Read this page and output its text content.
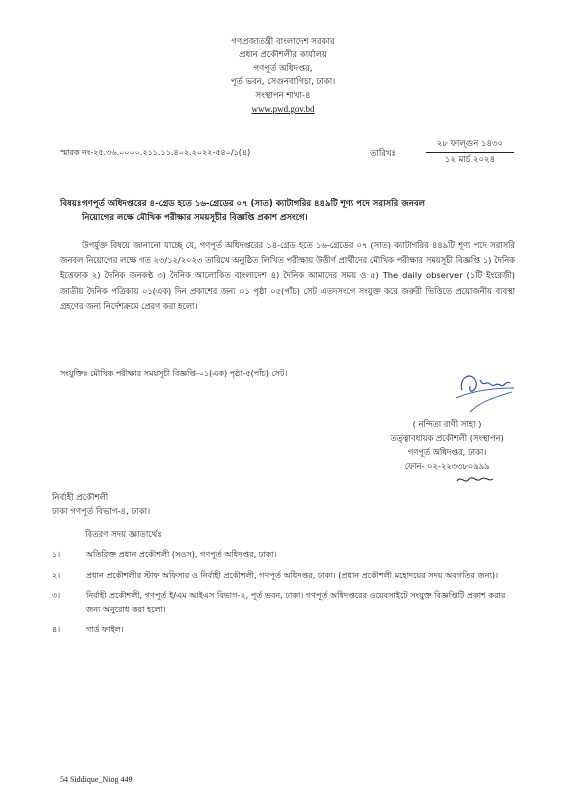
গণপ্রজাতন্ত্রী বাংলাদেশ সরকার
প্রধান প্রকৌশলীর কার্যালয়
গণপূর্ত অধিদপ্তর,
পূর্ত ভবন, সেগুনবাগিচা, ঢাকা।
সংস্থাপন শাখা-৪
www.pwd.gov.bd
স্মারক নং-২৫.৩৬.০০০০.২১১.১১.৪০২.২০২২-৫৪০/১(৪)	তারিখঃ
২৮ ফাল্গুন ১৪৩০
১২ মার্চ ২০২৪
বিষয়ঃগণপূর্ত অধিদপ্তরের ৪-গ্রেড হতে ১৬-গ্রেডের ০৭ (সাত) ক্যাটাগরির ৪৪৯টি শূণ্য পদে সরাসরি জনবল
নিয়োগের লক্ষে মৌখিক পরীক্ষার সময়সূচীর বিজ্ঞপ্তি প্রকাশ প্রসংগে।
উপর্যুক্ত বিষয়ে জানানো যাচ্ছে যে, গণপূর্ত অধিদপ্তরের ১৪-গ্রেড হতে ১৬-গ্রেডের ০৭ (সাত) ক্যাটাগরির ৪৪৯টি শূণ্য পদে সরাসরি জনবল নিয়োগের লক্ষে গত ২৩/১২/২০২৩ তারিখে অনুষ্ঠিত লিখিত পরীক্ষায় উত্তীর্ণ প্রার্থীদের মৌখিক পরীক্ষার সময়সূচী বিজ্ঞপ্তি ১) দৈনিক ইত্তেফাক ২) দৈনিক জনকণ্ঠ ৩) দৈনিক আলোকিত বাংলাদেশ ৪) দৈনিক আমাদের সময় ও ৫) The daily observer (১টি ইংরেজী) জাতীয় দৈনিক পত্রিকায় ০১(এক) দিন প্রকাশের জন্য ০১ পৃষ্ঠা ০৫(পাঁচ) সেট এতদসংগে সংযুক্ত করে জরুরী ভিত্তিতে প্রয়োজনীয় ব্যবস্থা গ্রহণের জন্য নির্দেশক্রমে প্রেরণ করা হলো।
সংযুক্তিঃ মৌখিক পরীক্ষার সময়সূচী বিজ্ঞপ্তি-০১(এক) পৃষ্ঠা-৫(পাঁচ) সেট।
( নন্দিতা রাণী সাহা )
তত্ত্বাবধায়ক প্রকৌশলী (সংস্থাপন)
গণপূর্ত অধিদপ্তর, ঢাকা।
ফোন- ০২-২২৩৩৮০৯৯৯
নির্বাহী প্রকৌশলী
ঢাকা গণপূর্ত বিভাগ-৪, ঢাকা।
বিতরণ সদয় জ্ঞাতার্থেঃ
১।	অতিরিক্ত প্রধান প্রকৌশলী (সওস), গণপূর্ত অধিদপ্তর, ঢাকা।
২।	প্রধান প্রকৌশলীর স্টাফ অফিসার ও নির্বাহী প্রকৌশলী, গণপূর্ত অধিদপ্তর, ঢাকা। (প্রধান প্রকৌশলী মহোদয়ের সদয় অবগতির জন্য)।
৩।	নির্বাহী প্রকৌশলী, গণপূর্ত ই/এম আইএস বিভাগ-২, পূর্ত ভবন, ঢাকা। গণপূর্ত অধিদপ্তরের ওয়েবসাইটে সংযুক্ত বিজ্ঞপ্তিটি প্রকাশ করার জন্য অনুরোধ করা হলো।
৪।	গার্ড ফাইল।
54 Siddique_Niog 449
